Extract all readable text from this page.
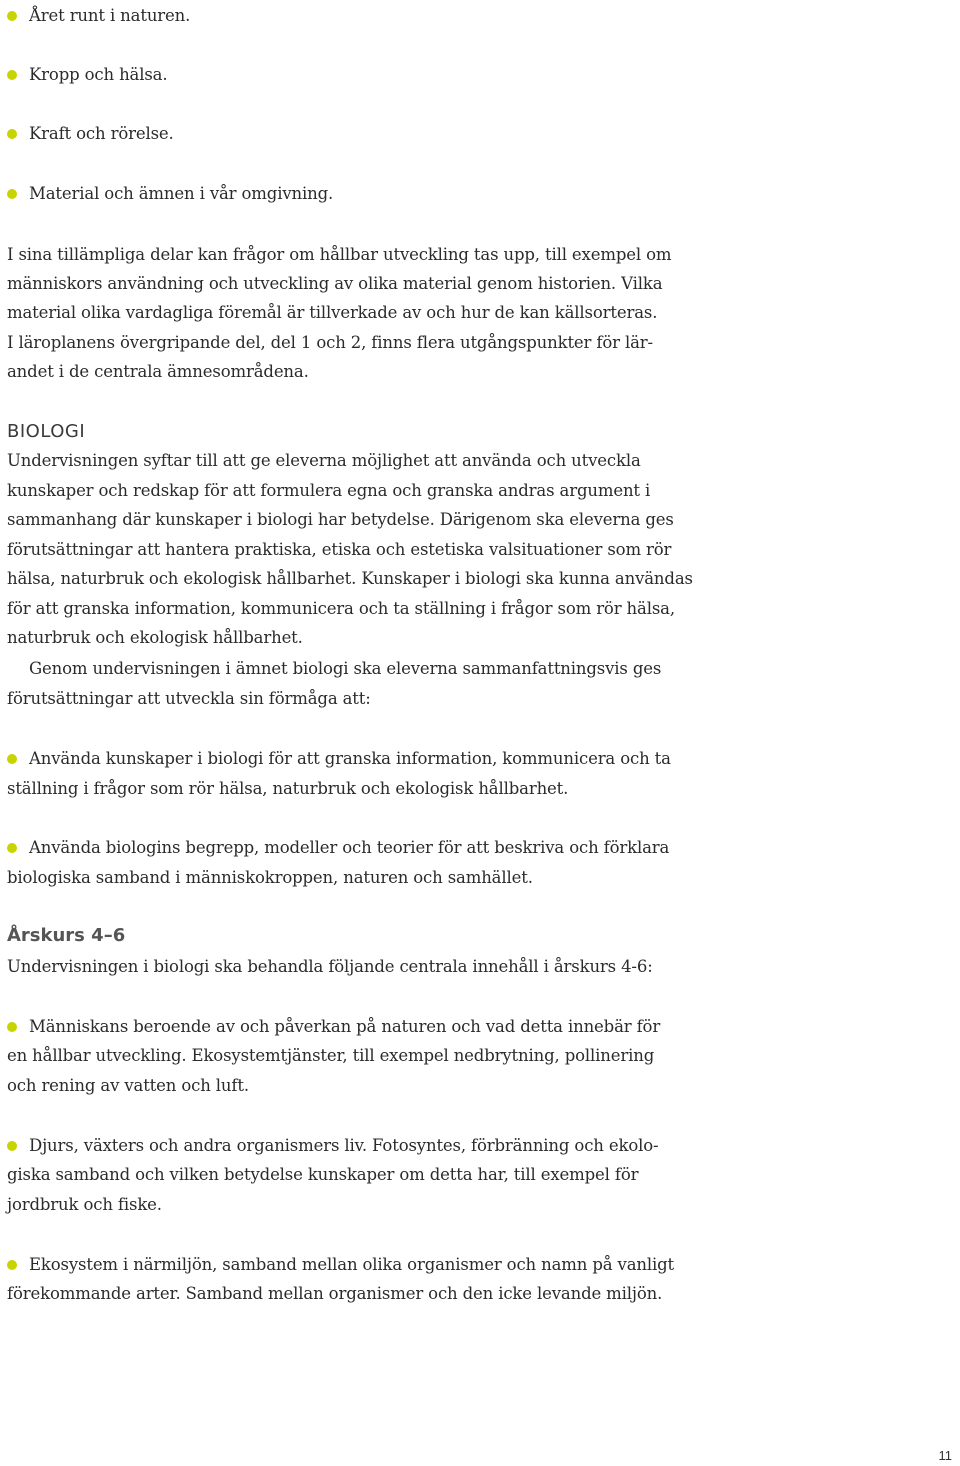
Året runt i naturen.
Kropp och hälsa.
Kraft och rörelse.
Material och ämnen i vår omgivning.
I sina tillämpliga delar kan frågor om hållbar utveckling tas upp, till exempel om
människors användning och utveckling av olika material genom historien. Vilka
material olika vardagliga föremål är tillverkade av och hur de kan källsorteras.
I läroplanens övergripande del, del 1 och 2, finns flera utgångspunkter för lär-
andet i de centrala ämnesområdena.
BIOLOGI
Undervisningen syftar till att ge eleverna möjlighet att använda och utveckla
kunskaper och redskap för att formulera egna och granska andras argument i
sammanhang där kunskaper i biologi har betydelse. Därigenom ska eleverna ges
förutsättningar att hantera praktiska, etiska och estetiska valsituationer som rör
hälsa, naturbruk och ekologisk hållbarhet. Kunskaper i biologi ska kunna användas
för att granska information, kommunicera och ta ställning i frågor som rör hälsa,
naturbruk och ekologisk hållbarhet.
Genom undervisningen i ämnet biologi ska eleverna sammanfattningsvis ges
förutsättningar att utveckla sin förmåga att:
Använda kunskaper i biologi för att granska information, kommunicera och ta
ställning i frågor som rör hälsa, naturbruk och ekologisk hållbarhet.
Använda biologins begrepp, modeller och teorier för att beskriva och förklara
biologiska samband i människokroppen, naturen och samhället.
Årskurs 4–6
Undervisningen i biologi ska behandla följande centrala innehåll i årskurs 4-6:
Människans beroende av och påverkan på naturen och vad detta innebär för
en hållbar utveckling. Ekosystemtjänster, till exempel nedbrytning, pollinering
och rening av vatten och luft.
Djurs, växters och andra organismers liv. Fotosyntes, förbränning och ekolo-
giska samband och vilken betydelse kunskaper om detta har, till exempel för
jordbruk och fiske.
Ekosystem i närmiljön, samband mellan olika organismer och namn på vanligt
förekommande arter. Samband mellan organismer och den icke levande miljön.
11
